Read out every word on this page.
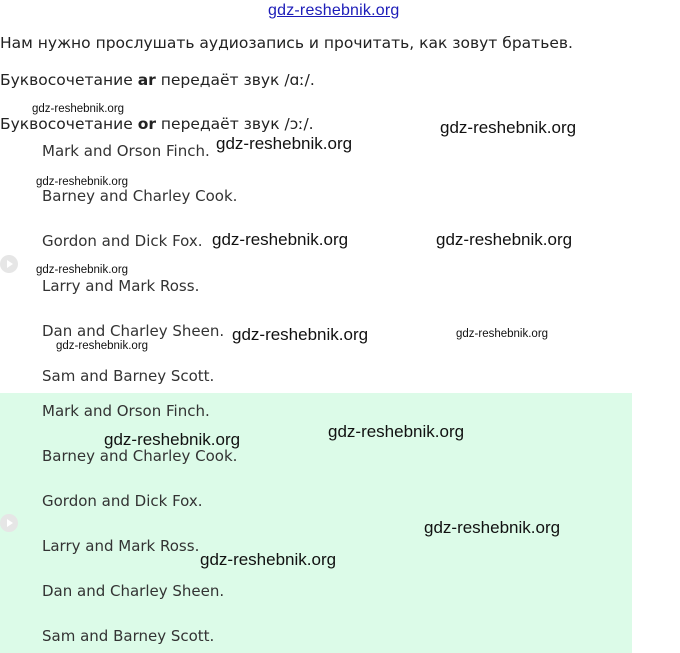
gdz-reshebnik.org
Нам нужно прослушать аудиозапись и прочитать, как зовут братьев.
Буквосочетание ar передаёт звук /ɑː/.
Буквосочетание or передаёт звук /ɔː/.
Mark and Orson Finch.
Barney and Charley Cook.
Gordon and Dick Fox.
Larry and Mark Ross.
Dan and Charley Sheen.
Sam and Barney Scott.
Mark and Orson Finch.
Barney and Charley Cook.
Gordon and Dick Fox.
Larry and Mark Ross.
Dan and Charley Sheen.
Sam and Barney Scott.
gdz-reshebnik.org
gdz-reshebnik.org
gdz-reshebnik.org
gdz-reshebnik.org
gdz-reshebnik.org	gdz-reshebnik.org
gdz-reshebnik.org
gdz-reshebnik.org	gdz-reshebnik.org
gdz-reshebnik.org
gdz-reshebnik.org
gdz-reshebnik.org
gdz-reshebnik.org
gdz-reshebnik.org
